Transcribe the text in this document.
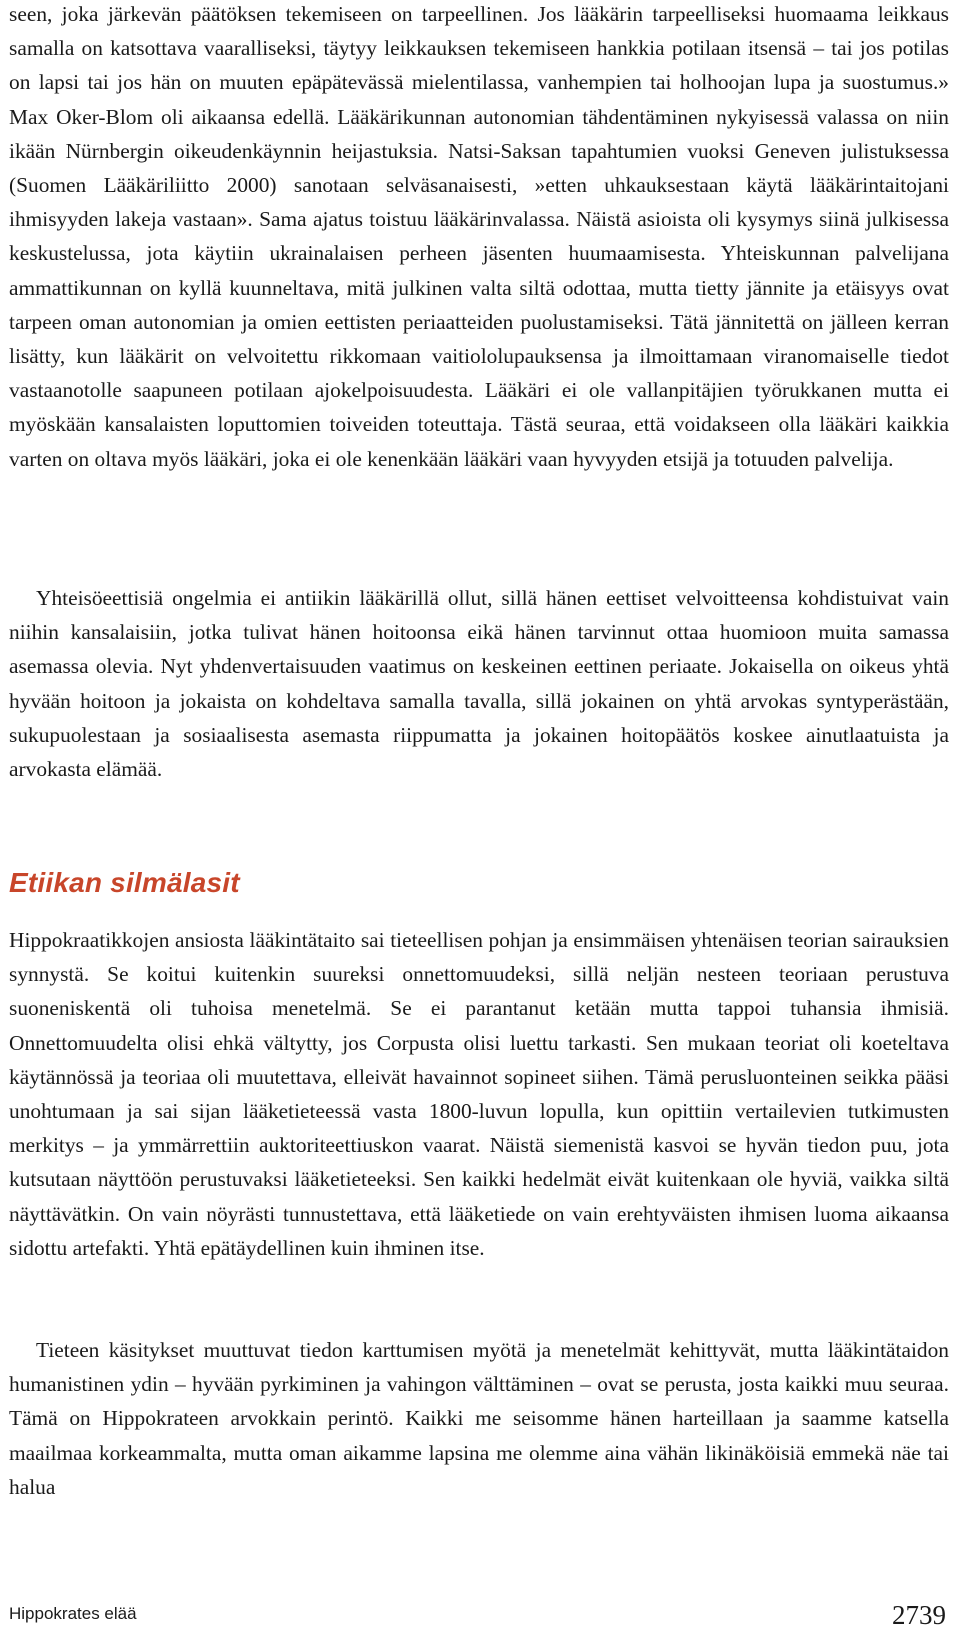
seen, joka järkevän päätöksen tekemiseen on tarpeellinen. Jos lääkärin tarpeelliseksi huomaama leikkaus samalla on katsottava vaaralliseksi, täytyy leikkauksen tekemiseen hankkia potilaan itsensä – tai jos potilas on lapsi tai jos hän on muuten epäpätevässä mielentilassa, vanhempien tai holhoojan lupa ja suostumus.» Max Oker-Blom oli aikaansa edellä. Lääkärikunnan autonomian tähdentäminen nykyisessä valassa on niin ikään Nürnbergin oikeudenkäynnin heijastuksia. Natsi-Saksan tapahtumien vuoksi Geneven julistuksessa (Suomen Lääkäriliitto 2000) sanotaan selväsanaisesti, »etten uhkauksestaan käytä lääkärintaitojani ihmisyyden lakeja vastaan». Sama ajatus toistuu lääkärinvalassa. Näistä asioista oli kysymys siinä julkisessa keskustelussa, jota käytiin ukrainalaisen perheen jäsenten huumaamisesta. Yhteiskunnan palvelijana ammattikunnan on kyllä kuunneltava, mitä julkinen valta siltä odottaa, mutta tietty jännite ja etäisyys ovat tarpeen oman autonomian ja omien eettisten periaatteiden puolustamiseksi. Tätä jännitettä on jälleen kerran lisätty, kun lääkärit on velvoitettu rikkomaan vaitiololupauksensa ja ilmoittamaan viranomaiselle tiedot vastaanotolle saapuneen potilaan ajokelpoisuudesta. Lääkäri ei ole vallanpitäjien työrukkanen mutta ei myöskään kansalaisten loputtomien toiveiden toteuttaja. Tästä seuraa, että voidakseen olla lääkäri kaikkia varten on oltava myös lääkäri, joka ei ole kenenkään lääkäri vaan hyvyyden etsijä ja totuuden palvelija.

Yhteisöeettisiä ongelmia ei antiikin lääkärillä ollut, sillä hänen eettiset velvoitteensa kohdistuivat vain niihin kansalaisiin, jotka tulivat hänen hoitoonsa eikä hänen tarvinnut ottaa huomioon muita samassa asemassa olevia. Nyt yhdenvertaisuuden vaatimus on keskeinen eettinen periaate. Jokaisella on oikeus yhtä hyvään hoitoon ja jokaista on kohdeltava samalla tavalla, sillä jokainen on yhtä arvokas syntyperästään, sukupuolestaan ja sosiaalisesta asemasta riippumatta ja jokainen hoitopäätös koskee ainutlaatuista ja arvokasta elämää.

Etiikan silmälasit

Hippokraatikkojen ansiosta lääkintätaito sai tieteellisen pohjan ja ensimmäisen yhtenäisen teorian sairauksien synnystä. Se koitui kuitenkin suureksi onnettomuudeksi, sillä neljän nesteen teoriaan perustuva suoneniskentä oli tuhoisa menetelmä. Se ei parantanut ketään mutta tappoi tuhansia ihmisiä. Onnettomuudelta olisi ehkä vältytty, jos Corpusta olisi luettu tarkasti. Sen mukaan teoriat oli koeteltava käytännössä ja teoriaa oli muutettava, elleivät havainnot sopineet siihen. Tämä perusluonteinen seikka pääsi unohtumaan ja sai sijan lääketieteessä vasta 1800-luvun lopulla, kun opittiin vertailevien tutkimusten merkitys – ja ymmärrettiin auktoriteettiuskon vaarat. Näistä siemenistä kasvoi se hyvän tiedon puu, jota kutsutaan näyttöön perustuvaksi lääketieteeksi. Sen kaikki hedelmät eivät kuitenkaan ole hyviä, vaikka siltä näyttävätkin. On vain nöyrästi tunnustettava, että lääketiede on vain erehtyväisten ihmisen luoma aikaansa sidottu artefakti. Yhtä epätäydellinen kuin ihminen itse.

Tieteen käsitykset muuttuvat tiedon karttumisen myötä ja menetelmät kehittyvät, mutta lääkintätaidon humanistinen ydin – hyvään pyrkiminen ja vahingon välttäminen – ovat se perusta, josta kaikki muu seuraa. Tämä on Hippokrateen arvokkain perintö. Kaikki me seisomme hänen harteillaan ja saamme katsella maailmaa korkeammalta, mutta oman aikamme lapsina me olemme aina vähän likinäköisiä emmekä näe tai halua

Hippokrates elää	2739
